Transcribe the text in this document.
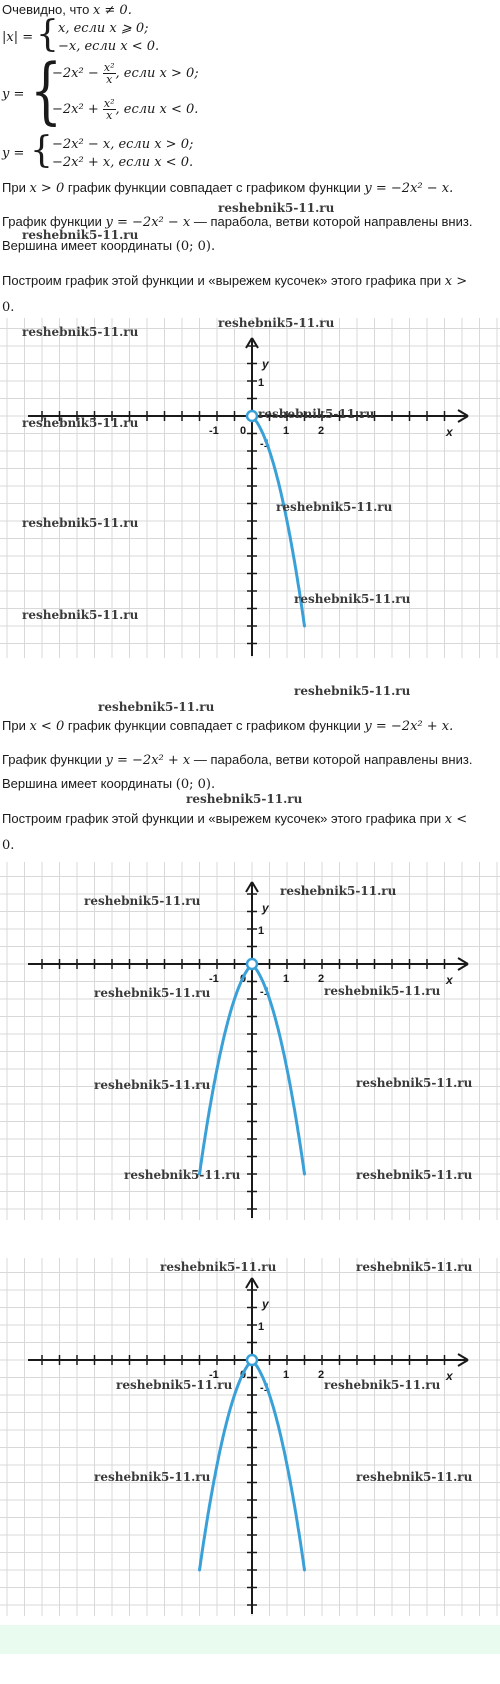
Очевидно, что x ≠ 0.
|x| = { x, если x ⩾ 0;
−x, если x < 0.
y = {
$-2x^2 - \frac{\text{x²}}{x}$ , если x > 0;
$-2x^2 + \frac{\text{x²}}{x}$ , если x < 0.
y = { −2x² − x, если x > 0;
−2x² + x, если x < 0.
При x > 0 график функции совпадает с графиком функции y = −2x² − x.
График функции y = −2x² − x — парабола, ветви которой направлены вниз.
Вершина имеет координаты (0; 0).
Построим график этой функции и «вырежем кусочек» этого графика при x >
0.
x
y
-1 0	1	2
1
-1
При x < 0 график функции совпадает с графиком функции y = −2x² + x.
График функции y = −2x² + x — парабола, ветви которой направлены вниз.
Вершина имеет координаты (0; 0).
Построим график этой функции и «вырежем кусочек» этого графика при x <
0.
x
y
-1 0	1	2
1
-1
x
y
-1 0	1	2
1
-1
reshebnik5-11.ru
reshebnik5-11.ru
reshebnik5-11.ru
reshebnik5-11.ru
reshebnik5-11.ru
reshebnik5-11.ru
reshebnik5-11.ru
reshebnik5-11.ru
reshebnik5-11.ru
reshebnik5-11.ru
reshebnik5-11.ru
reshebnik5-11.ru
reshebnik5-11.ru
reshebnik5-11.ru
reshebnik5-11.ru
reshebnik5-11.ru	reshebnik5-11.ru
reshebnik5-11.ru	reshebnik5-11.ru
reshebnik5-11.ru	reshebnik5-11.ru
reshebnik5-11.ru	reshebnik5-11.ru
reshebnik5-11.ru	reshebnik5-11.ru
reshebnik5-11.ru	reshebnik5-11.ru
